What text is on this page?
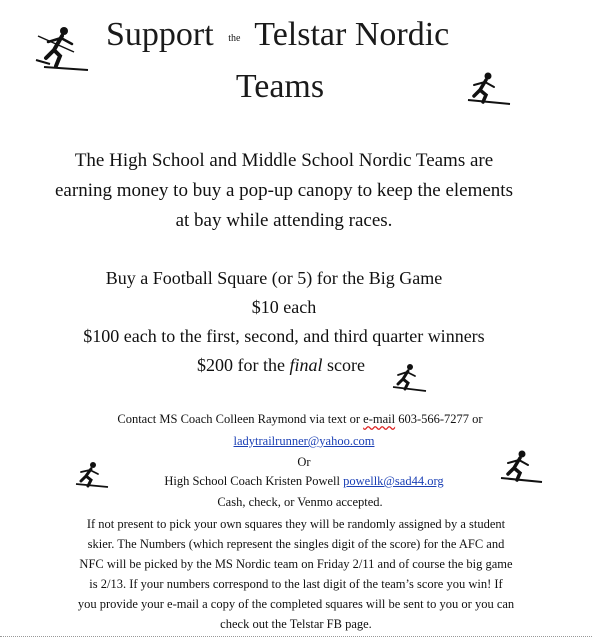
Support the Telstar Nordic
Teams
The High School and Middle School Nordic Teams are
earning money to buy a pop-up canopy to keep the elements
at bay while attending races.
Buy a Football Square (or 5) for the Big Game
$10 each
$100 each to the first, second, and third quarter winners
$200 for the final score
Contact MS Coach Colleen Raymond via text or e-mail 603-566-7277 or
ladytrailrunner@yahoo.com
Or
High School Coach Kristen Powell powellk@sad44.org
Cash, check, or Venmo accepted.
If not present to pick your own squares they will be randomly assigned by a student
skier. The Numbers (which represent the singles digit of the score) for the AFC and
NFC will be picked by the MS Nordic team on Friday 2/11 and of course the big game
is 2/13. If your numbers correspond to the last digit of the team’s score you win! If
you provide your e-mail a copy of the completed squares will be sent to you or you can
check out the Telstar FB page.
